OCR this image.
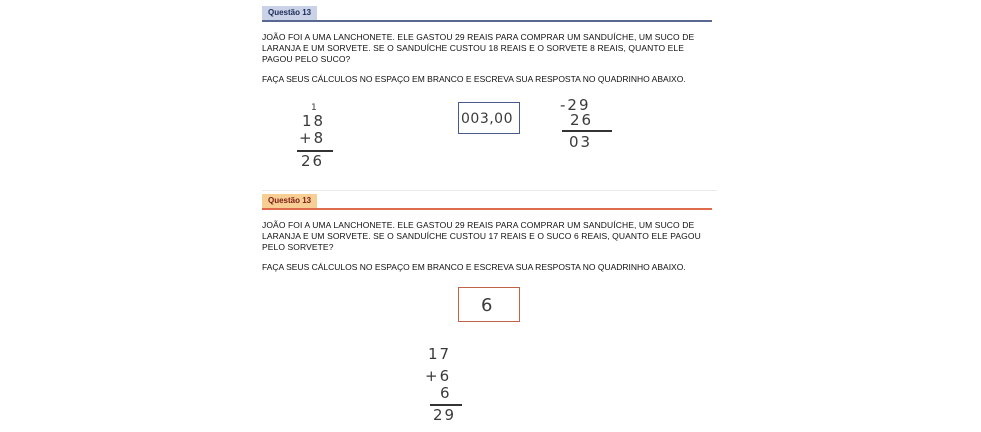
Questão 13

JOÃO FOI A UMA LANCHONETE. ELE GASTOU 29 REAIS PARA COMPRAR UM SANDUÍCHE, UM SUCO DE LARANJA E UM SORVETE. SE O SANDUÍCHE CUSTOU 18 REAIS E O SORVETE 8 REAIS, QUANTO ELE PAGOU PELO SUCO?

FAÇA SEUS CÁLCULOS NO ESPAÇO EM BRANCO E ESCREVA SUA RESPOSTA NO QUADRINHO ABAIXO.

1
18
+8
26
003,00
-29
26
03
Questão 13

JOÃO FOI A UMA LANCHONETE. ELE GASTOU 29 REAIS PARA COMPRAR UM SANDUÍCHE, UM SUCO DE LARANJA E UM SORVETE. SE O SANDUÍCHE CUSTOU 17 REAIS E O SUCO 6 REAIS, QUANTO ELE PAGOU PELO SORVETE?

FAÇA SEUS CÁLCULOS NO ESPAÇO EM BRANCO E ESCREVA SUA RESPOSTA NO QUADRINHO ABAIXO.

6
17
+6
6
29
